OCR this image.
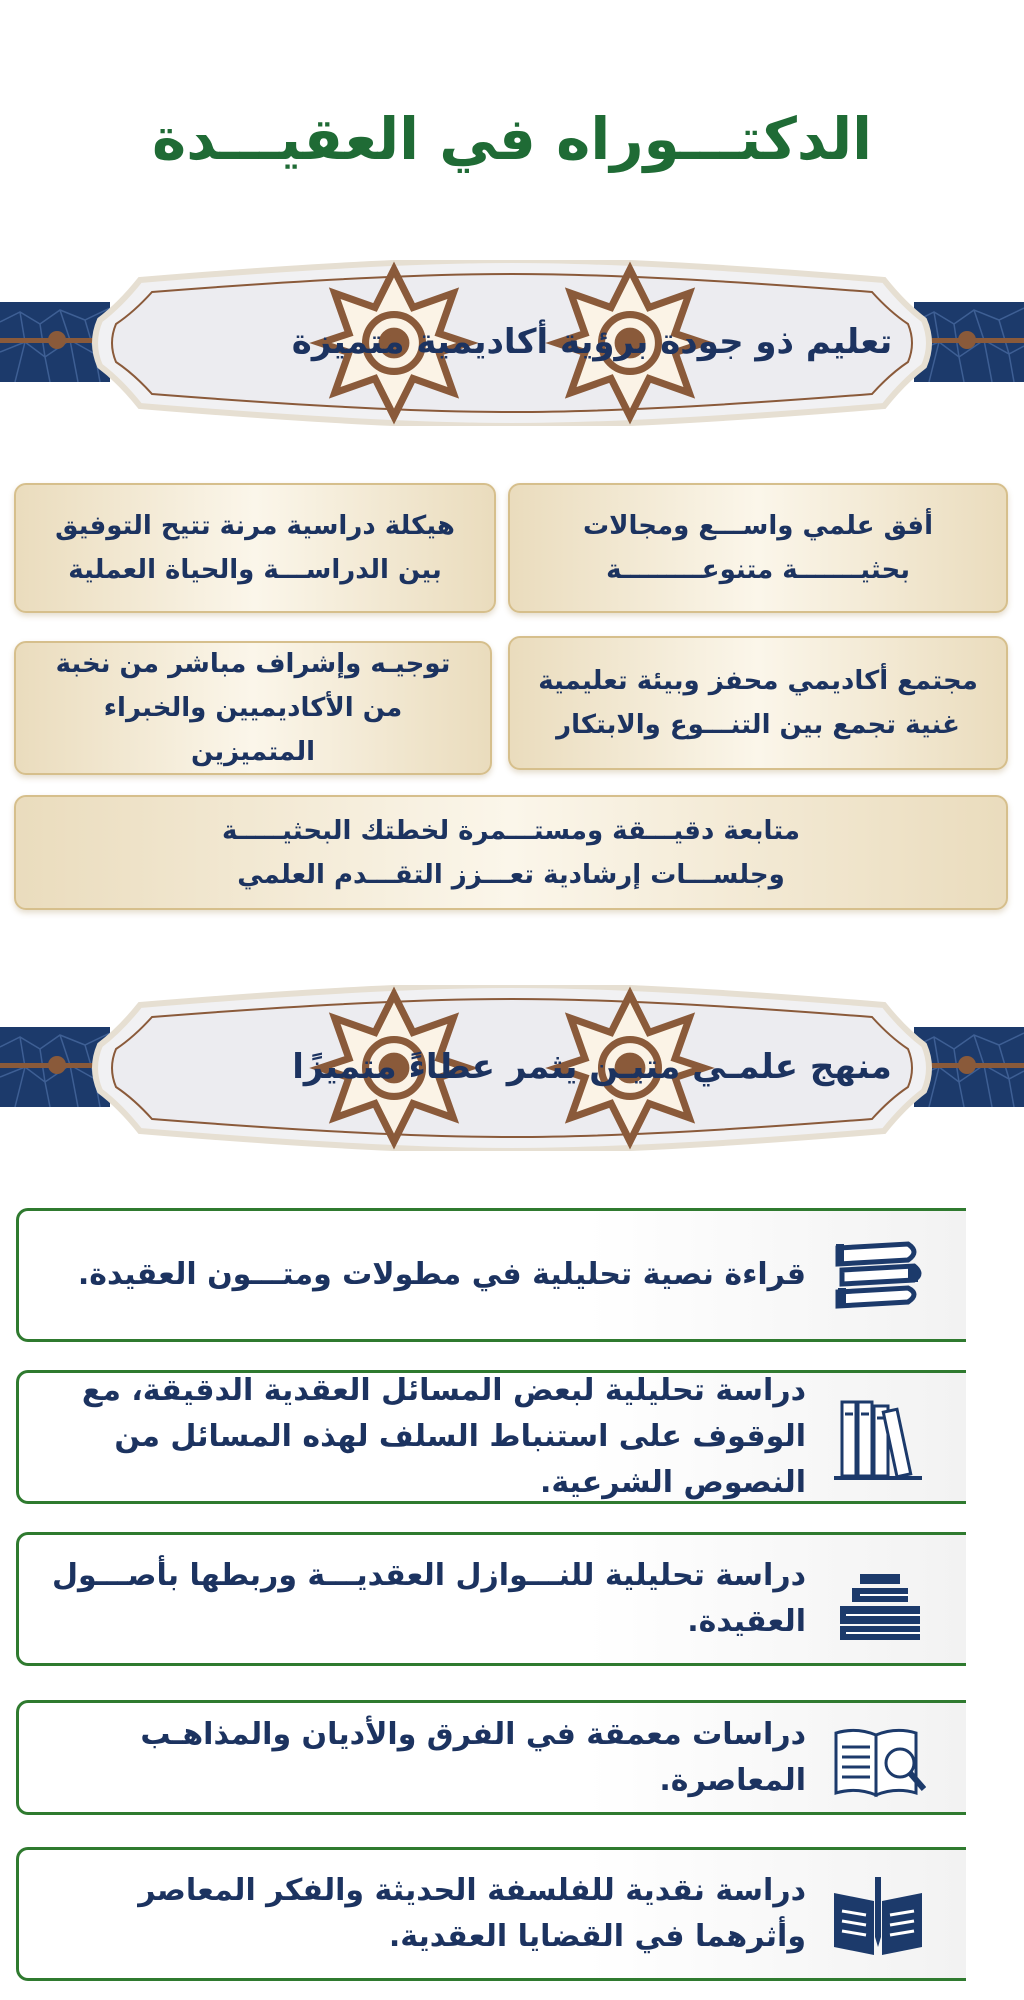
الدكتـــوراه في العقيـــدة
تعليم ذو جودة برؤية أكاديمية متميزة
أفق علمي واســـع ومجالات
بحثيـــــــة متنوعـــــــــة
هيكلة دراسية مرنة تتيح التوفيق
بين الدراســـة والحياة العملية
مجتمع أكاديمي محفز وبيئة تعليمية
غنية تجمع بين التنـــوع والابتكار
توجيـه وإشراف مباشر من نخبة
من الأكاديميين والخبراء المتميزين
متابعة دقيـــقة ومستـــمرة لخطتك البحثيـــــة
وجلســـات إرشادية تعـــزز التقـــدم العلمي
منهج علمـي متيـن يثمر عطاءً متميزًا
قراءة نصية تحليلية في مطولات ومتـــون العقيدة.
دراسة تحليلية لبعض المسائل العقدية الدقيقة، مع الوقوف على استنباط السلف لهذه المسائل من النصوص الشرعية.
دراسة تحليلية للنـــوازل العقديـــة وربطها بأصـــول العقيدة.
دراسات معمقة في الفرق والأديان والمذاهـب المعاصرة.
دراسة نقدية للفلسفة الحديثة والفكر المعاصر وأثرهما في القضايا العقدية.
